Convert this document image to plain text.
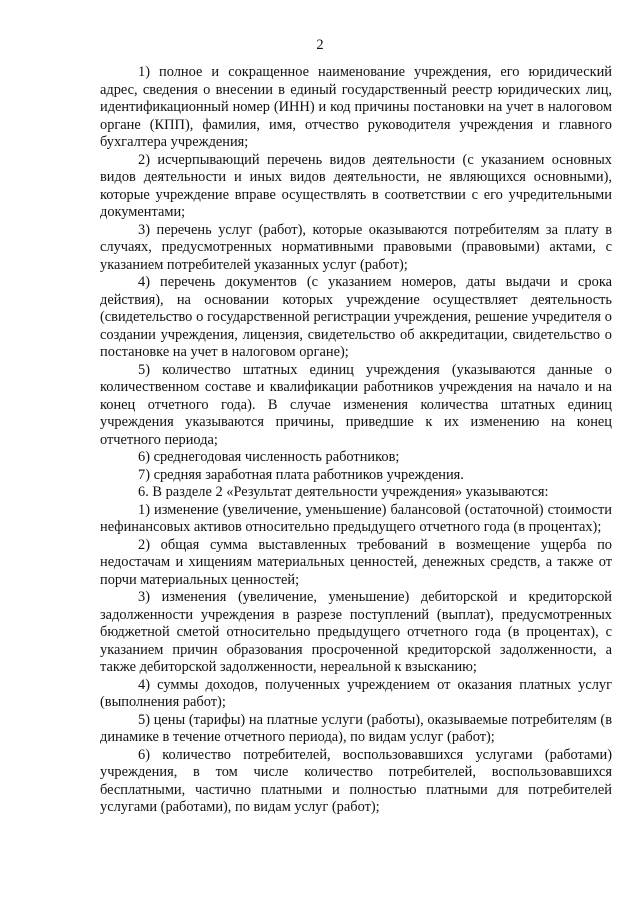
2

1) полное и сокращенное наименование учреждения, его юридический адрес, сведения о внесении в единый государственный реестр юридических лиц, идентификационный номер (ИНН) и код причины постановки на учет в налоговом органе (КПП), фамилия, имя, отчество руководителя учреждения и главного бухгалтера учреждения;

2) исчерпывающий перечень видов деятельности (с указанием основных видов деятельности и иных видов деятельности, не являющихся основными), которые учреждение вправе осуществлять в соответствии с его учредительными документами;

3) перечень услуг (работ), которые оказываются потребителям за плату в случаях, предусмотренных нормативными правовыми (правовыми) актами, с указанием потребителей указанных услуг (работ);

4) перечень документов (с указанием номеров, даты выдачи и срока действия), на основании которых учреждение осуществляет деятельность (свидетельство о государственной регистрации учреждения, решение учредителя о создании учреждения, лицензия, свидетельство об аккредитации, свидетельство о постановке на учет в налоговом органе);

5) количество штатных единиц учреждения (указываются данные о количественном составе и квалификации работников учреждения на начало и на конец отчетного года). В случае изменения количества штатных единиц учреждения указываются причины, приведшие к их изменению на конец отчетного периода;

6) среднегодовая численность работников;

7) средняя заработная плата работников учреждения.

6. В разделе 2 «Результат деятельности учреждения» указываются:

1) изменение (увеличение, уменьшение) балансовой (остаточной) стоимости нефинансовых активов относительно предыдущего отчетного года (в процентах);

2) общая сумма выставленных требований в возмещение ущерба по недостачам и хищениям материальных ценностей, денежных средств, а также от порчи материальных ценностей;

3) изменения (увеличение, уменьшение) дебиторской и кредиторской задолженности учреждения в разрезе поступлений (выплат), предусмотренных бюджетной сметой относительно предыдущего отчетного года (в процентах), с указанием причин образования просроченной кредиторской задолженности, а также дебиторской задолженности, нереальной к взысканию;

4) суммы доходов, полученных учреждением от оказания платных услуг (выполнения работ);

5) цены (тарифы) на платные услуги (работы), оказываемые потребителям (в динамике в течение отчетного периода), по видам услуг (работ);

6) количество потребителей, воспользовавшихся услугами (работами) учреждения, в том числе количество потребителей, воспользовавшихся бесплатными, частично платными и полностью платными для потребителей услугами (работами), по видам услуг (работ);
